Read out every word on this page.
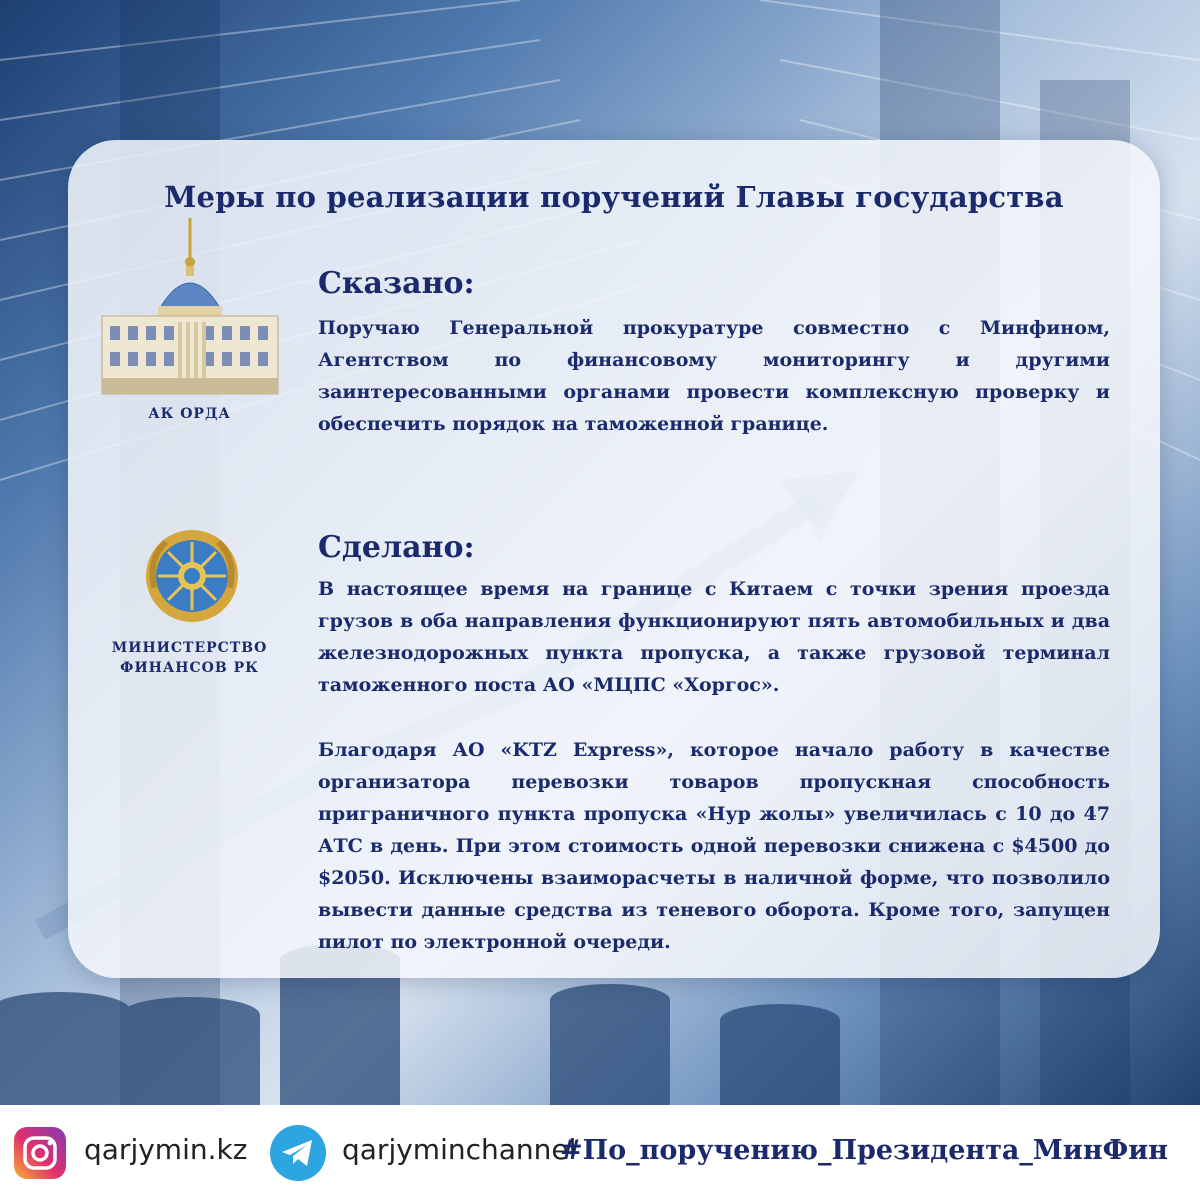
Меры по реализации поручений Главы государства
АК ОРДА
Сказано:
Поручаю Генеральной прокуратуре совместно с Минфином, Агентством по финансовому мониторингу и другими заинтересованными органами провести комплексную проверку и обеспечить порядок на таможенной границе.
МИНИСТЕРСТВО
ФИНАНСОВ РК
Сделано:
В настоящее время на границе с Китаем с точки зрения проезда грузов в оба направления функционируют пять автомобильных и два железнодорожных пункта пропуска, а также грузовой терминал таможенного поста АО «МЦПС «Хоргос».
Благодаря АО «KTZ Express», которое начало работу в качестве организатора перевозки товаров пропускная способность приграничного пункта пропуска «Нур жолы» увеличилась с 10 до 47 АТС в день. При этом стоимость одной перевозки снижена с $4500 до $2050. Исключены взаиморасчеты в наличной форме, что позволило вывести данные средства из теневого оборота. Кроме того, запущен пилот по электронной очереди.
qarjymin.kz	qarjyminchannel
#По_поручению_Президента_МинФин
